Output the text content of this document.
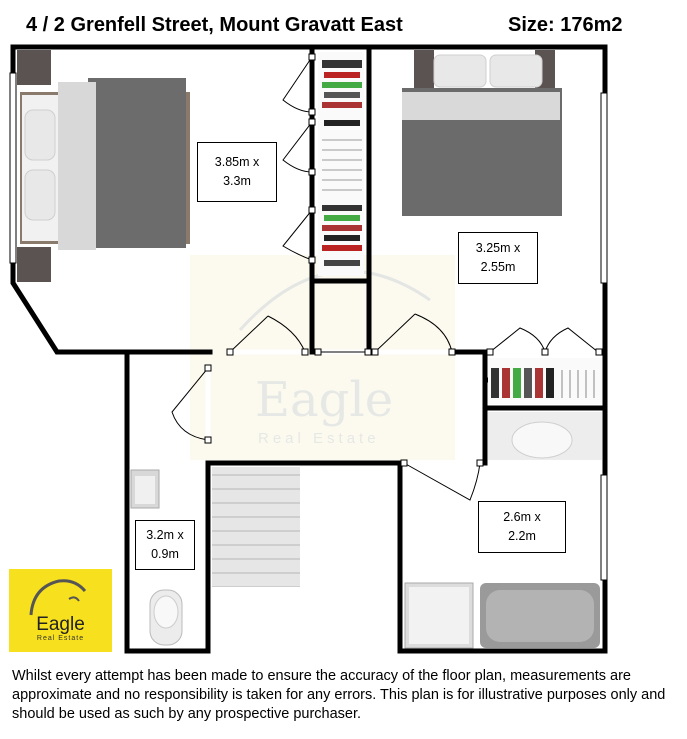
4 / 2 Grenfell Street, Mount Gravatt East	Size: 176m2
Eagle
Real Estate
3.85m x
3.3m
3.25m x
2.55m
2.6m x
2.2m
3.2m x
0.9m
Eagle
Real Estate
Whilst every attempt has been made to ensure the accuracy of the floor plan, measurements are approximate and no responsibility is taken for any errors. This plan is for illustrative purposes only and should be used as such by any prospective purchaser.
